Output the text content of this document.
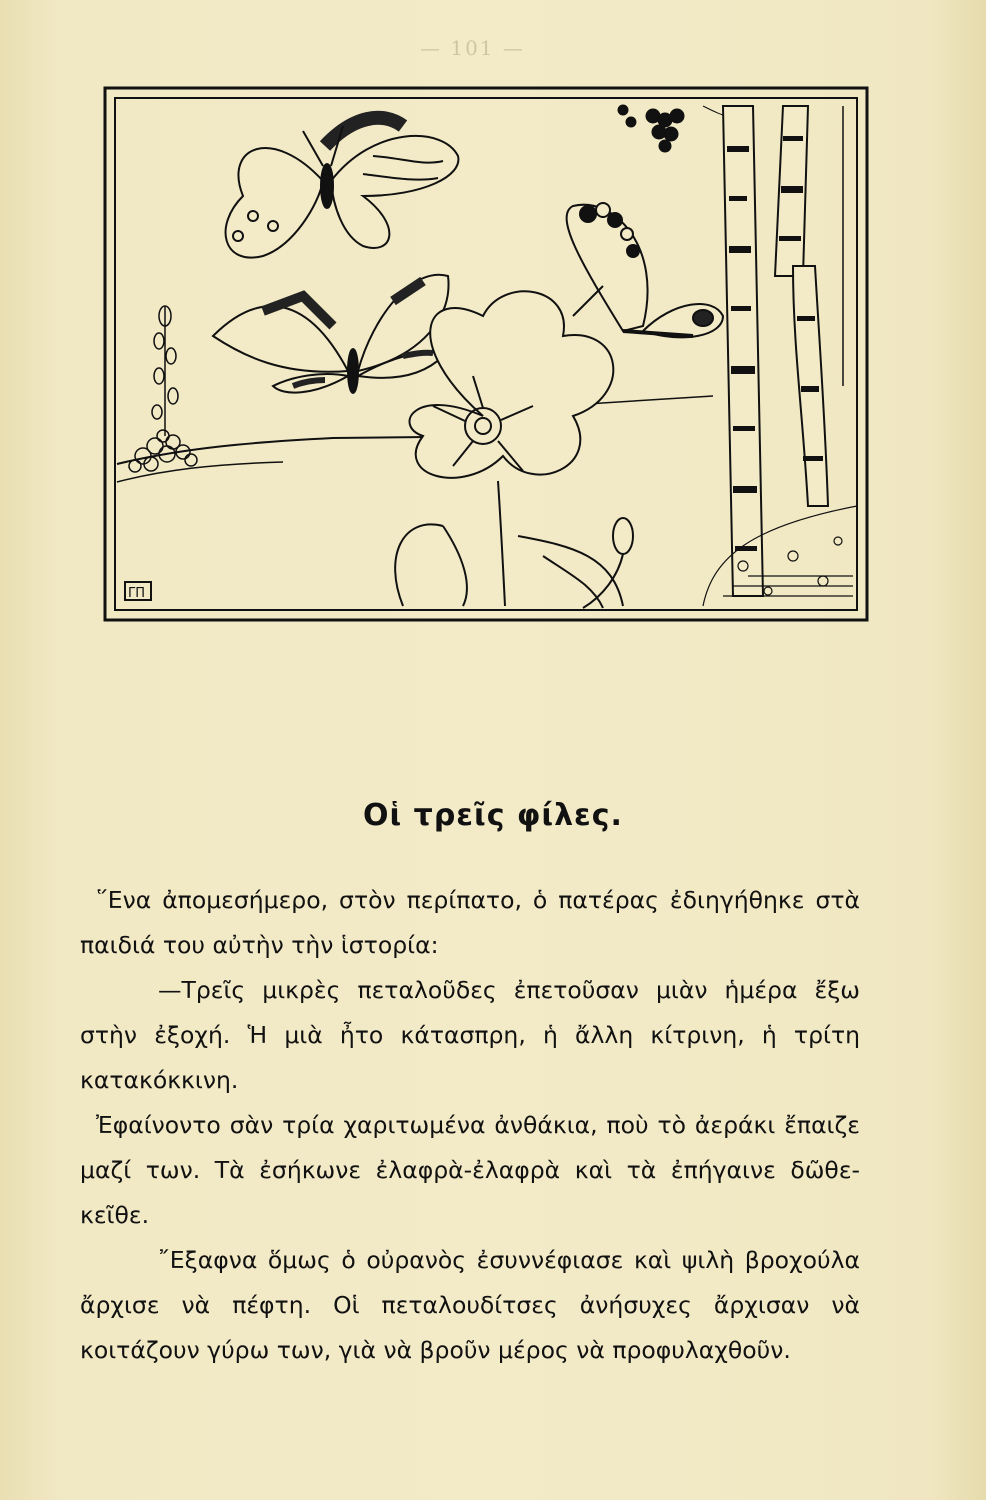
— 101 —
ΓΠ
Οἱ τρεῖς φίλες.

῞Ενα ἀπομεσήμερο, στὸν περίπατο, ὁ πατέρας ἐδιηγήθηκε στὰ παιδιά του αὐτὴν τὴν ἱστορία:

—Τρεῖς μικρὲς πεταλοῦδες ἐπετοῦσαν μιὰν ἡμέρα ἔξω στὴν ἐξοχή. Ἡ μιὰ ἦτο κάτασπρη, ἡ ἄλλη κίτρινη, ἡ τρίτη κατακόκκινη.

Ἐφαίνοντο σὰν τρία χαριτωμένα ἀνθάκια, ποὺ τὸ ἀεράκι ἔπαιζε μαζί των. Τὰ ἐσήκωνε ἐλαφρὰ-ἐλαφρὰ καὶ τὰ ἐπήγαινε δῶθε-κεῖθε.

῎Εξαφνα ὅμως ὁ οὐρανὸς ἐσυννέφιασε καὶ ψιλὴ βροχούλα ἄρχισε νὰ πέφτη. Οἱ πεταλουδίτσες ἀνήσυχες ἄρχισαν νὰ κοιτάζουν γύρω των, γιὰ νὰ βροῦν μέρος νὰ προφυλαχθοῦν.
